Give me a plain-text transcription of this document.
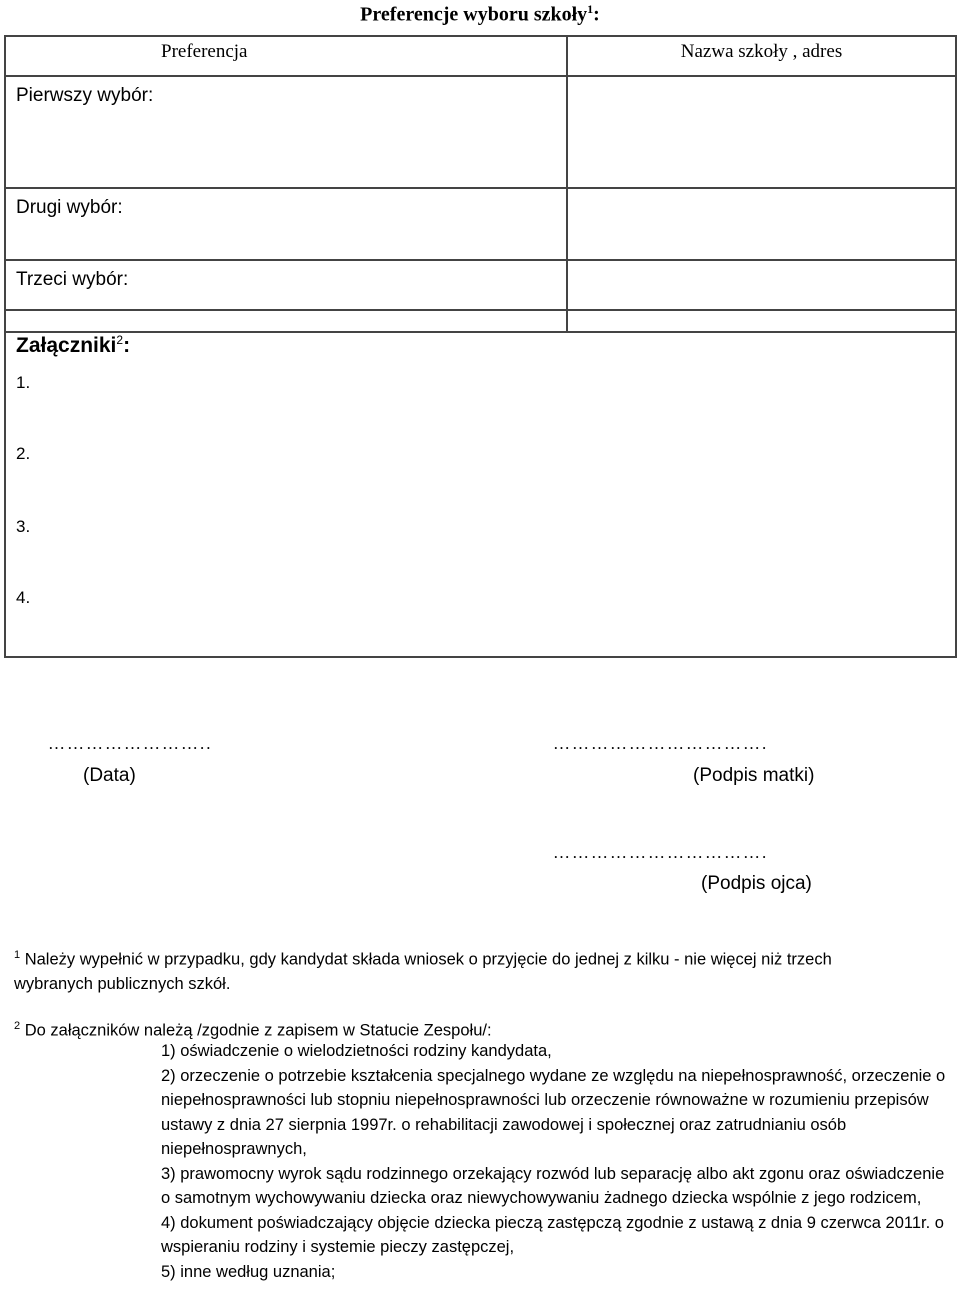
Preferencje wyboru szkoły$^1$:
Preferencja	Nazwa szkoły , adres

Pierwszy wybór:	

Drugi wybór:	

Trzeci wybór:	

Załączniki$^2$:
1.
2.
3.
4.
……………………..
(Data)
…………………………….
(Podpis matki)
…………………………….
(Podpis ojca)
$^1$ Należy wypełnić w przypadku, gdy kandydat składa wniosek o przyjęcie do jednej z kilku - nie więcej niż trzech wybranych publicznych szkół.
$^2$ Do załączników należą /zgodnie z zapisem w Statucie Zespołu/:

1) oświadczenie o wielodzietności rodziny kandydata,

2) orzeczenie o potrzebie kształcenia specjalnego wydane ze względu na niepełnosprawność, orzeczenie o niepełnosprawności lub stopniu niepełnosprawności lub orzeczenie równoważne w rozumieniu przepisów ustawy z dnia 27 sierpnia 1997r. o rehabilitacji zawodowej i społecznej oraz zatrudnianiu osób niepełnosprawnych,

3) prawomocny wyrok sądu rodzinnego orzekający rozwód lub separację albo akt zgonu oraz oświadczenie o samotnym wychowywaniu dziecka oraz niewychowywaniu żadnego dziecka wspólnie z jego rodzicem,

4) dokument poświadczający objęcie dziecka pieczą zastępczą zgodnie z ustawą z dnia 9 czerwca 2011r. o wspieraniu rodziny i systemie pieczy zastępczej,

5) inne według uznania;
